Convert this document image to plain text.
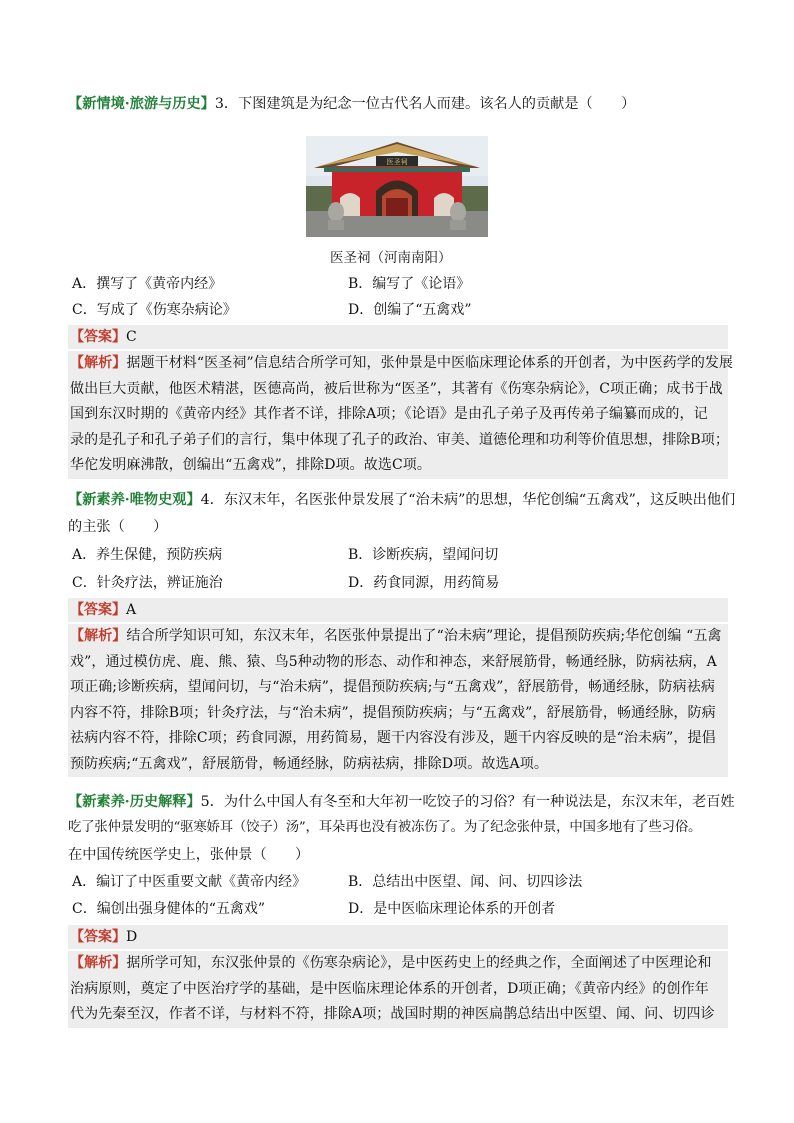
【新情境·旅游与历史】3．下图建筑是为纪念一位古代名人而建。该名人的贡献是（　　）
医圣祠
医圣祠（河南南阳）
A．撰写了《黄帝内经》	B．编写了《论语》
C．写成了《伤寒杂病论》	D．创编了“五禽戏”
【答案】C
【解析】据题干材料“医圣祠”信息结合所学可知，张仲景是中医临床理论体系的开创者，为中医药学的发展
做出巨大贡献，他医术精湛，医德高尚，被后世称为“医圣”，其著有《伤寒杂病论》，C项正确；成书于战
国到东汉时期的《黄帝内经》其作者不详，排除A项；《论语》是由孔子弟子及再传弟子编纂而成的，记
录的是孔子和孔子弟子们的言行，集中体现了孔子的政治、审美、道德伦理和功利等价值思想，排除B项；
华佗发明麻沸散，创编出“五禽戏”，排除D项。故选C项。
【新素养·唯物史观】4．东汉末年，名医张仲景发展了“治未病”的思想，华佗创编“五禽戏”，这反映出他们
的主张（　　）
A．养生保健，预防疾病	B．诊断疾病，望闻问切
C．针灸疗法，辨证施治	D．药食同源，用药简易
【答案】A
【解析】结合所学知识可知，东汉末年，名医张仲景提出了“治未病”理论，提倡预防疾病;华佗创编 “五禽
戏”，通过模仿虎、鹿、熊、猿、鸟5种动物的形态、动作和神态，来舒展筋骨，畅通经脉，防病祛病，A
项正确;诊断疾病，望闻问切，与“治未病”，提倡预防疾病;与“五禽戏”，舒展筋骨，畅通经脉，防病祛病
内容不符，排除B项；针灸疗法，与“治未病”，提倡预防疾病；与“五禽戏”，舒展筋骨，畅通经脉，防病
祛病内容不符，排除C项；药食同源，用药简易，题干内容没有涉及，题干内容反映的是“治未病”，提倡
预防疾病;“五禽戏”，舒展筋骨，畅通经脉，防病祛病，排除D项。故选A项。
【新素养·历史解释】5．为什么中国人有冬至和大年初一吃饺子的习俗？有一种说法是，东汉末年，老百姓
吃了张仲景发明的“驱寒娇耳（饺子）汤”，耳朵再也没有被冻伤了。为了纪念张仲景，中国多地有了些习俗。
在中国传统医学史上，张仲景（　　）
A．编订了中医重要文献《黄帝内经》	B．总结出中医望、闻、问、切四诊法
C．编创出强身健体的“五禽戏”	D．是中医临床理论体系的开创者
【答案】D
【解析】据所学可知，东汉张仲景的《伤寒杂病论》，是中医药史上的经典之作，全面阐述了中医理论和
治病原则，奠定了中医治疗学的基础，是中医临床理论体系的开创者，D项正确；《黄帝内经》的创作年
代为先秦至汉，作者不详，与材料不符，排除A项；战国时期的神医扁鹊总结出中医望、闻、问、切四诊
